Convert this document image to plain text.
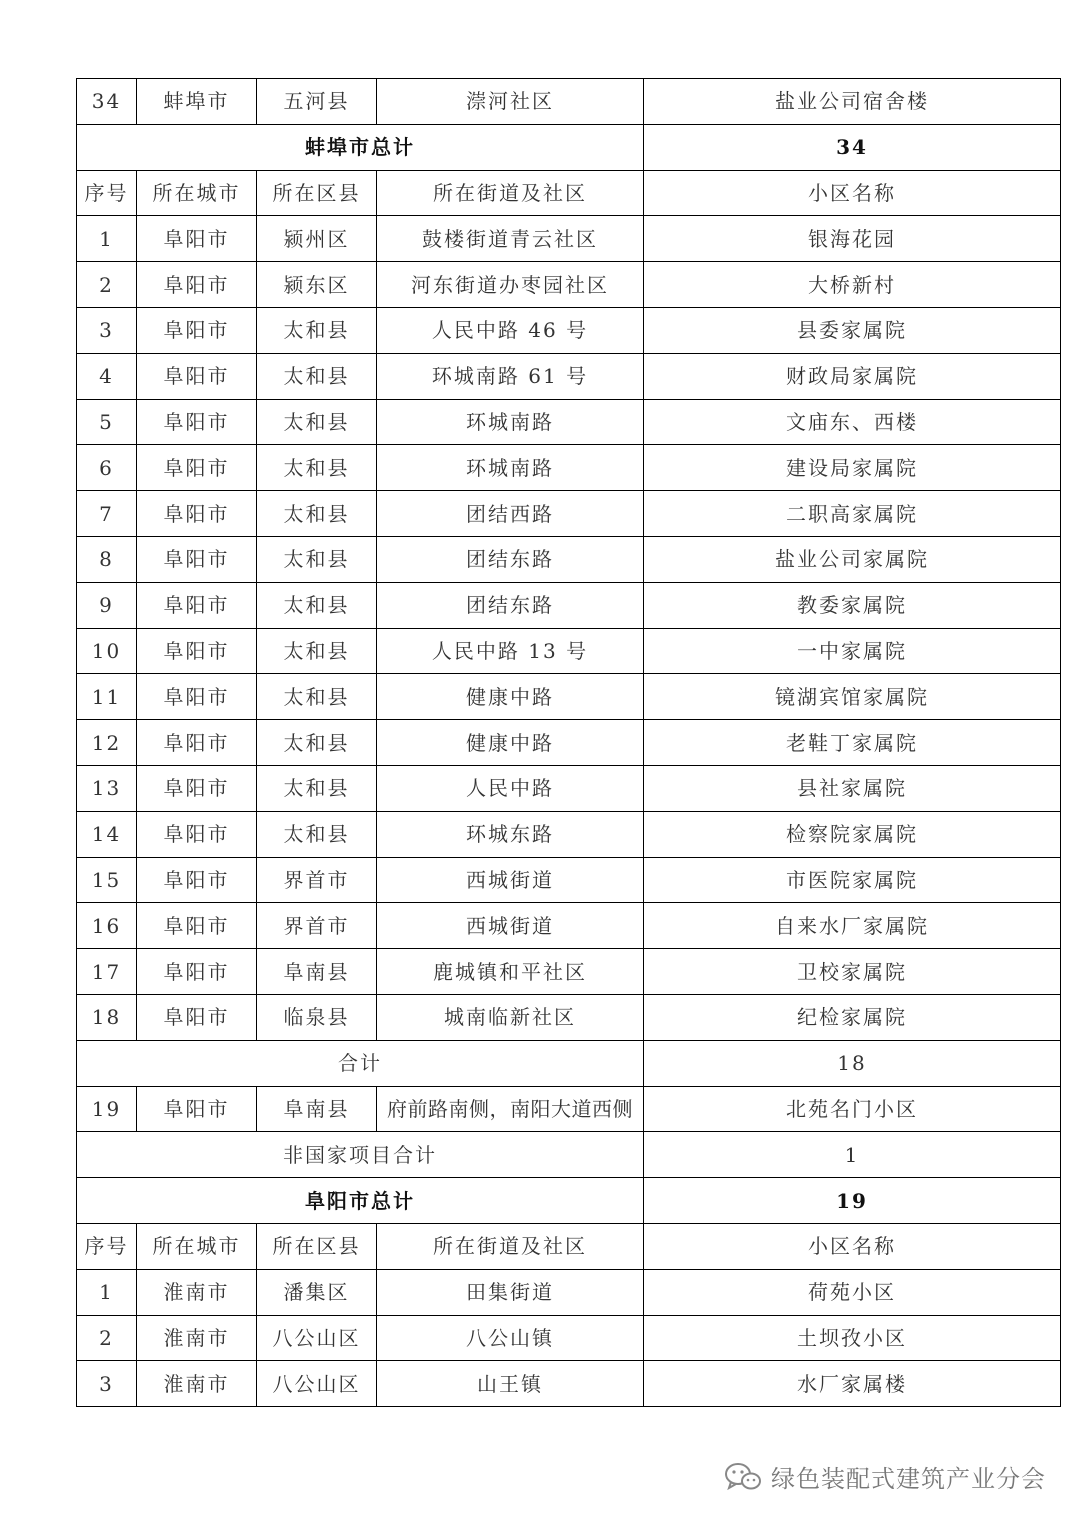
34	蚌埠市	五河县	漴河社区	盐业公司宿舍楼
蚌埠市总计				34
序号	所在城市	所在区县	所在街道及社区	小区名称
1	阜阳市	颍州区	鼓楼街道青云社区	银海花园
2	阜阳市	颍东区	河东街道办枣园社区	大桥新村
3	阜阳市	太和县	人民中路 46 号	县委家属院
4	阜阳市	太和县	环城南路 61 号	财政局家属院
5	阜阳市	太和县	环城南路	文庙东、西楼
6	阜阳市	太和县	环城南路	建设局家属院
7	阜阳市	太和县	团结西路	二职高家属院
8	阜阳市	太和县	团结东路	盐业公司家属院
9	阜阳市	太和县	团结东路	教委家属院
10	阜阳市	太和县	人民中路 13 号	一中家属院
11	阜阳市	太和县	健康中路	镜湖宾馆家属院
12	阜阳市	太和县	健康中路	老鞋丁家属院
13	阜阳市	太和县	人民中路	县社家属院
14	阜阳市	太和县	环城东路	检察院家属院
15	阜阳市	界首市	西城街道	市医院家属院
16	阜阳市	界首市	西城街道	自来水厂家属院
17	阜阳市	阜南县	鹿城镇和平社区	卫校家属院
18	阜阳市	临泉县	城南临新社区	纪检家属院
合计				18
19	阜阳市	阜南县	府前路南侧，南阳大道西侧	北苑名门小区
非国家项目合计				1
阜阳市总计				19
序号	所在城市	所在区县	所在街道及社区	小区名称
1	淮南市	潘集区	田集街道	荷苑小区
2	淮南市	八公山区	八公山镇	土坝孜小区
3	淮南市	八公山区	山王镇	水厂家属楼
绿色装配式建筑产业分会
